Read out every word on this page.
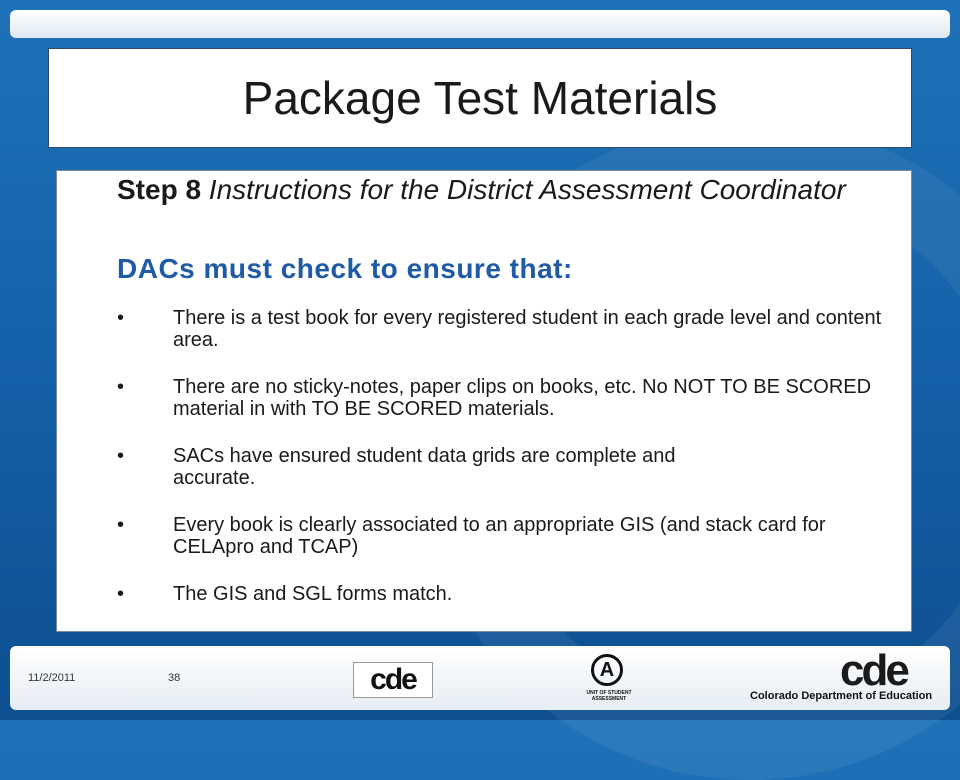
Package Test Materials
Step 8 Instructions for the District Assessment Coordinator
DACs must check to ensure that:
• There is a test book for every registered student in each grade level and content area.
• There are no sticky-notes, paper clips on books, etc. No NOT TO BE SCORED material in with TO BE SCORED materials.
• SACs have ensured student data grids are complete and accurate.
• Every book is clearly associated to an appropriate GIS (and stack card for CELApro and TCAP)
• The GIS and SGL forms match.
11/2/2011	38	cde	A
UNIT OF STUDENT ASSESSMENT
cde
Colorado Department of Education
